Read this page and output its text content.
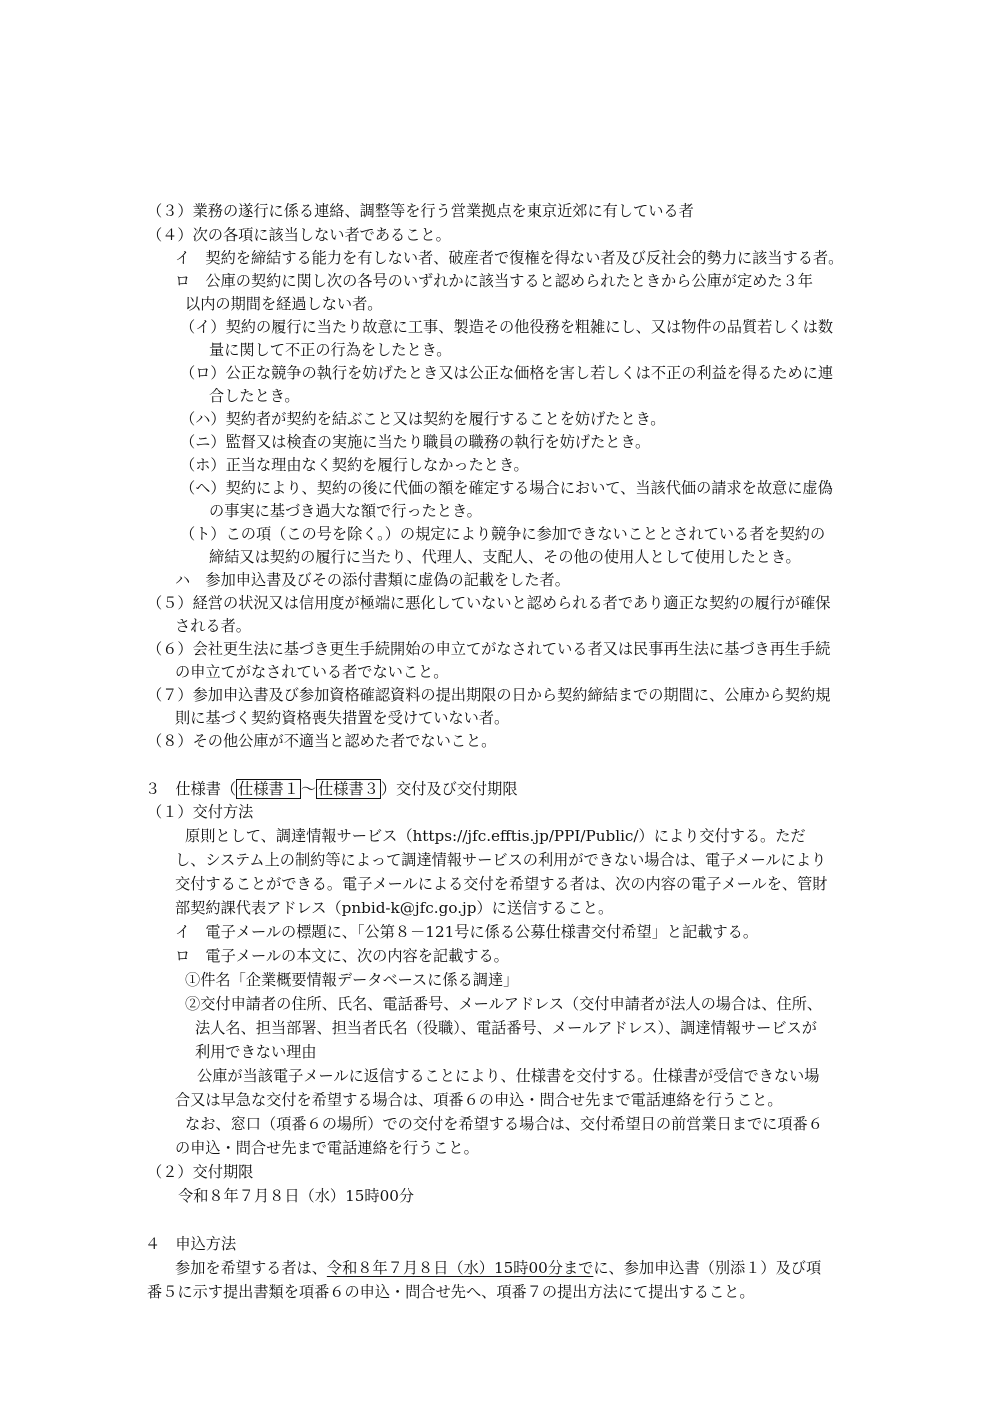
（３）業務の遂行に係る連絡、調整等を行う営業拠点を東京近郊に有している者
（４）次の各項に該当しない者であること。
イ　契約を締結する能力を有しない者、破産者で復権を得ない者及び反社会的勢力に該当する者。
ロ　公庫の契約に関し次の各号のいずれかに該当すると認められたときから公庫が定めた３年
以内の期間を経過しない者。
（イ）契約の履行に当たり故意に工事、製造その他役務を粗雑にし、又は物件の品質若しくは数
量に関して不正の行為をしたとき。
（ロ）公正な競争の執行を妨げたとき又は公正な価格を害し若しくは不正の利益を得るために連
合したとき。
（ハ）契約者が契約を結ぶこと又は契約を履行することを妨げたとき。
（ニ）監督又は検査の実施に当たり職員の職務の執行を妨げたとき。
（ホ）正当な理由なく契約を履行しなかったとき。
（ヘ）契約により、契約の後に代価の額を確定する場合において、当該代価の請求を故意に虚偽
の事実に基づき過大な額で行ったとき。
（ト）この項（この号を除く。）の規定により競争に参加できないこととされている者を契約の
締結又は契約の履行に当たり、代理人、支配人、その他の使用人として使用したとき。
ハ　参加申込書及びその添付書類に虚偽の記載をした者。
（５）経営の状況又は信用度が極端に悪化していないと認められる者であり適正な契約の履行が確保
される者。
（６）会社更生法に基づき更生手続開始の申立てがなされている者又は民事再生法に基づき再生手続
の申立てがなされている者でないこと。
（７）参加申込書及び参加資格確認資料の提出期限の日から契約締結までの期間に、公庫から契約規
則に基づく契約資格喪失措置を受けていない者。
（８）その他公庫が不適当と認めた者でないこと。
３　仕様書（ 仕様書１ ～ 仕様書３ ）交付及び交付期限
（１）交付方法
原則として、調達情報サービス（https://jfc.efftis.jp/PPI/Public/）により交付する。ただ
し、システム上の制約等によって調達情報サービスの利用ができない場合は、電子メールにより
交付することができる。電子メールによる交付を希望する者は、次の内容の電子メールを、管財
部契約課代表アドレス（pnbid-k@jfc.go.jp）に送信すること。
イ　電子メールの標題に、「公第８－121号に係る公募仕様書交付希望」と記載する。
ロ　電子メールの本文に、次の内容を記載する。
①件名「企業概要情報データベースに係る調達」
②交付申請者の住所、氏名、電話番号、メールアドレス（交付申請者が法人の場合は、住所、
法人名、担当部署、担当者氏名（役職）、電話番号、メールアドレス）、調達情報サービスが
利用できない理由
公庫が当該電子メールに返信することにより、仕様書を交付する。仕様書が受信できない場
合又は早急な交付を希望する場合は、項番６の申込・問合せ先まで電話連絡を行うこと。
なお、窓口（項番６の場所）での交付を希望する場合は、交付希望日の前営業日までに項番６
の申込・問合せ先まで電話連絡を行うこと。
（２）交付期限
令和８年７月８日（水）15時00分
４　申込方法
参加を希望する者は、令和８年７月８日（水）15時00分までに、参加申込書（別添１）及び項
番５に示す提出書類を項番６の申込・問合せ先へ、項番７の提出方法にて提出すること。
